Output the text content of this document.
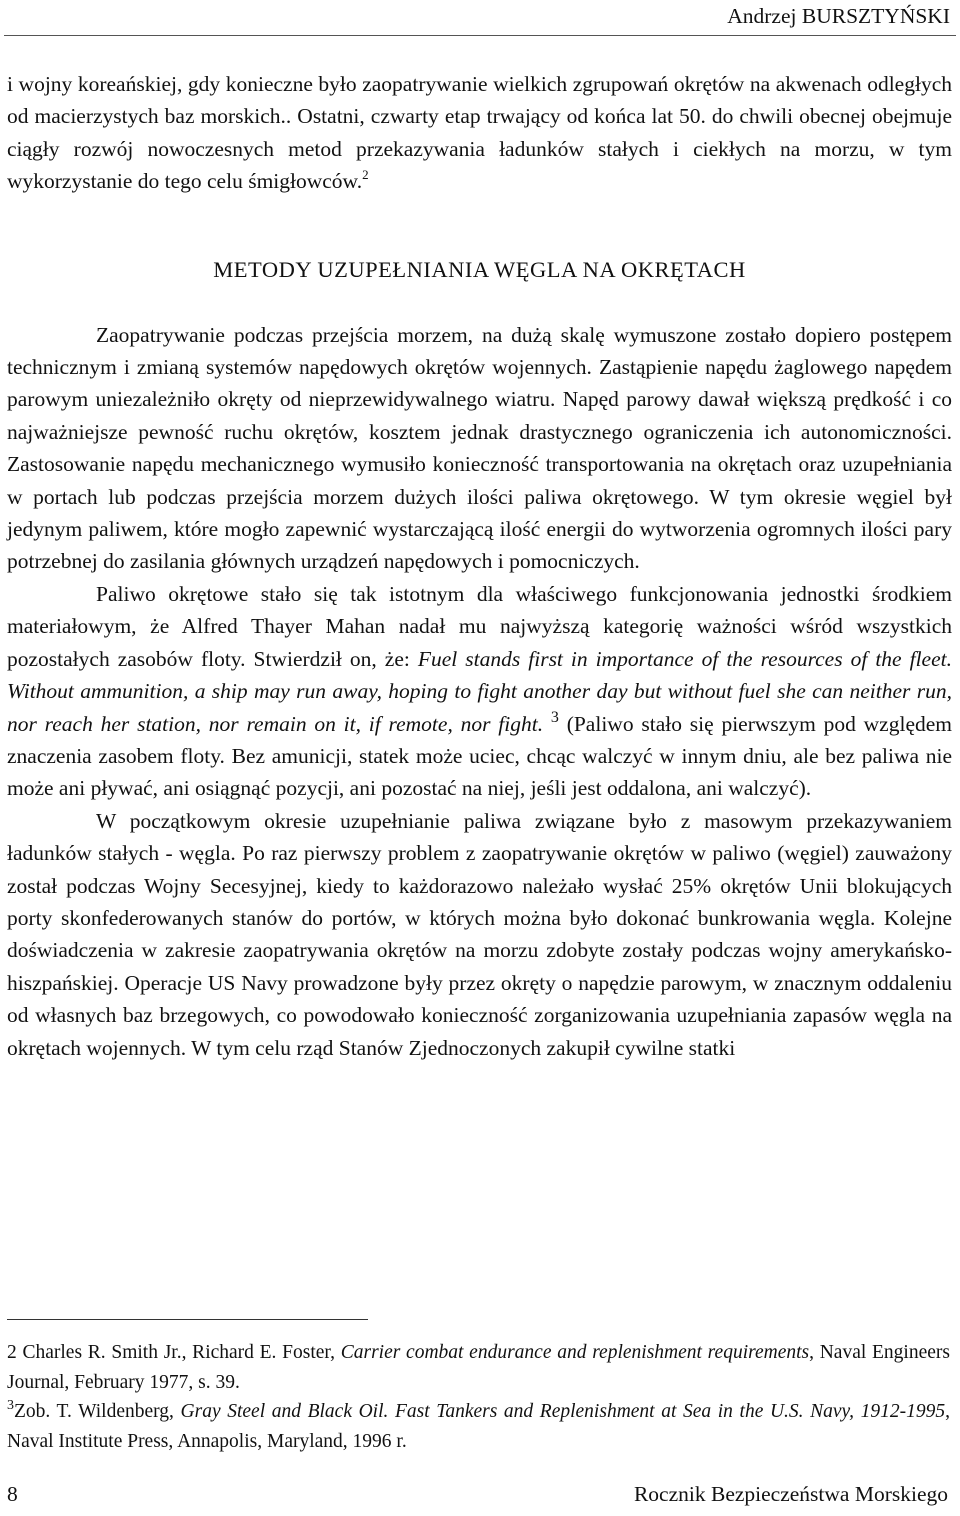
Andrzej BURSZTYŃSKI

i wojny koreańskiej, gdy konieczne było zaopatrywanie wielkich zgrupowań okrętów na akwenach odległych od macierzystych baz morskich.. Ostatni, czwarty etap trwający od końca lat 50. do chwili obecnej obejmuje ciągły rozwój nowoczesnych metod przekazywania ładunków stałych i ciekłych na morzu, w tym wykorzystanie do tego celu śmigłowców.$^2$

METODY UZUPEŁNIANIA WĘGLA NA OKRĘTACH

Zaopatrywanie podczas przejścia morzem, na dużą skalę wymuszone zostało dopiero postępem technicznym i zmianą systemów napędowych okrętów wojennych. Zastąpienie napędu żaglowego napędem parowym uniezależniło okręty od nieprzewidywalnego wiatru. Napęd parowy dawał większą prędkość i co najważniejsze pewność ruchu okrętów, kosztem jednak drastycznego ograniczenia ich autonomiczności. Zastosowanie napędu mechanicznego wymusiło konieczność transportowania na okrętach oraz uzupełniania w portach lub podczas przejścia morzem dużych ilości paliwa okrętowego. W tym okresie węgiel był jedynym paliwem, które mogło zapewnić wystarczającą ilość energii do wytworzenia ogromnych ilości pary potrzebnej do zasilania głównych urządzeń napędowych i pomocniczych.

Paliwo okrętowe stało się tak istotnym dla właściwego funkcjonowania jednostki środkiem materiałowym, że Alfred Thayer Mahan nadał mu najwyższą kategorię ważności wśród wszystkich pozostałych zasobów floty. Stwierdził on, że: Fuel stands first in importance of the resources of the fleet. Without ammunition, a ship may run away, hoping to fight another day but without fuel she can neither run, nor reach her station, nor remain on it, if remote, nor fight. $^3$ (Paliwo stało się pierwszym pod względem znaczenia zasobem floty. Bez amunicji, statek może uciec, chcąc walczyć w innym dniu, ale bez paliwa nie może ani pływać, ani osiągnąć pozycji, ani pozostać na niej, jeśli jest oddalona, ani walczyć).

W początkowym okresie uzupełnianie paliwa związane było z masowym przekazywaniem ładunków stałych - węgla. Po raz pierwszy problem z zaopatrywanie okrętów w paliwo (węgiel) zauważony został podczas Wojny Secesyjnej, kiedy to każdorazowo należało wysłać 25% okrętów Unii blokujących porty skonfederowanych stanów do portów, w których można było dokonać bunkrowania węgla. Kolejne doświadczenia w zakresie zaopatrywania okrętów na morzu zdobyte zostały podczas wojny amerykańsko-hiszpańskiej. Operacje US Navy prowadzone były przez okręty o napędzie parowym, w znacznym oddaleniu od własnych baz brzegowych, co powodowało konieczność zorganizowania uzupełniania zapasów węgla na okrętach wojennych. W tym celu rząd Stanów Zjednoczonych zakupił cywilne statki

2 Charles R. Smith Jr., Richard E. Foster, Carrier combat endurance and replenishment requirements, Naval Engineers Journal, February 1977, s. 39.

$^3$Zob. T. Wildenberg, Gray Steel and Black Oil. Fast Tankers and Replenishment at Sea in the U.S. Navy, 1912-1995, Naval Institute Press, Annapolis, Maryland, 1996 r.

8	Rocznik Bezpieczeństwa Morskiego
